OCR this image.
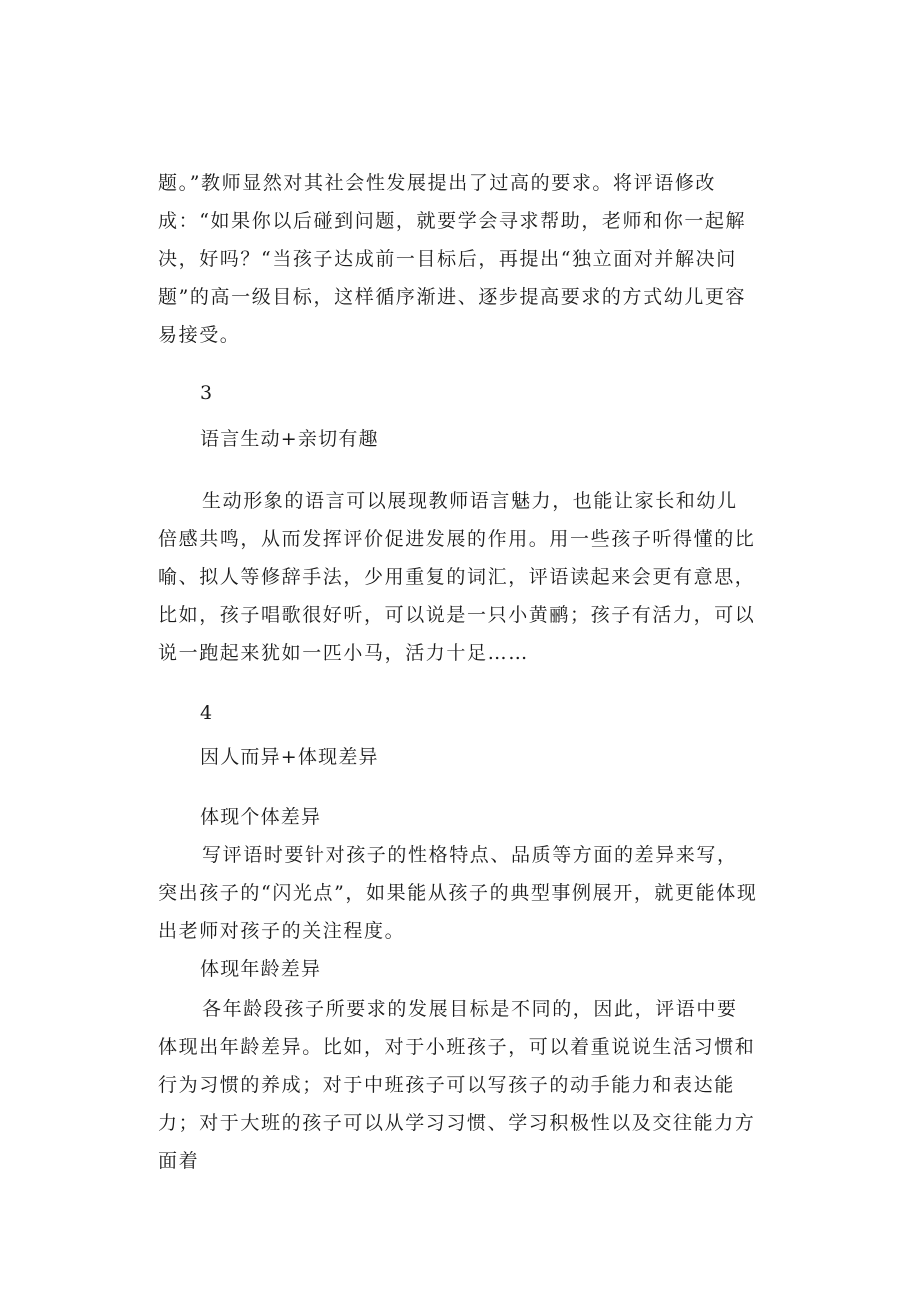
题。”教师显然对其社会性发展提出了过高的要求。将评语修改成：“如果你以后碰到问题，就要学会寻求帮助，老师和你一起解决，好吗？“当孩子达成前一目标后，再提出“独立面对并解决问题”的高一级目标，这样循序渐进、逐步提高要求的方式幼儿更容易接受。

3

语言生动+亲切有趣

生动形象的语言可以展现教师语言魅力，也能让家长和幼儿倍感共鸣，从而发挥评价促进发展的作用。用一些孩子听得懂的比喻、拟人等修辞手法，少用重复的词汇，评语读起来会更有意思，比如，孩子唱歌很好听，可以说是一只小黄鹂；孩子有活力，可以说一跑起来犹如一匹小马，活力十足……

4

因人而异+体现差异

体现个体差异

写评语时要针对孩子的性格特点、品质等方面的差异来写，突出孩子的“闪光点”，如果能从孩子的典型事例展开，就更能体现出老师对孩子的关注程度。

体现年龄差异

各年龄段孩子所要求的发展目标是不同的，因此，评语中要体现出年龄差异。比如，对于小班孩子，可以着重说说生活习惯和行为习惯的养成；对于中班孩子可以写孩子的动手能力和表达能力；对于大班的孩子可以从学习习惯、学习积极性以及交往能力方面着
